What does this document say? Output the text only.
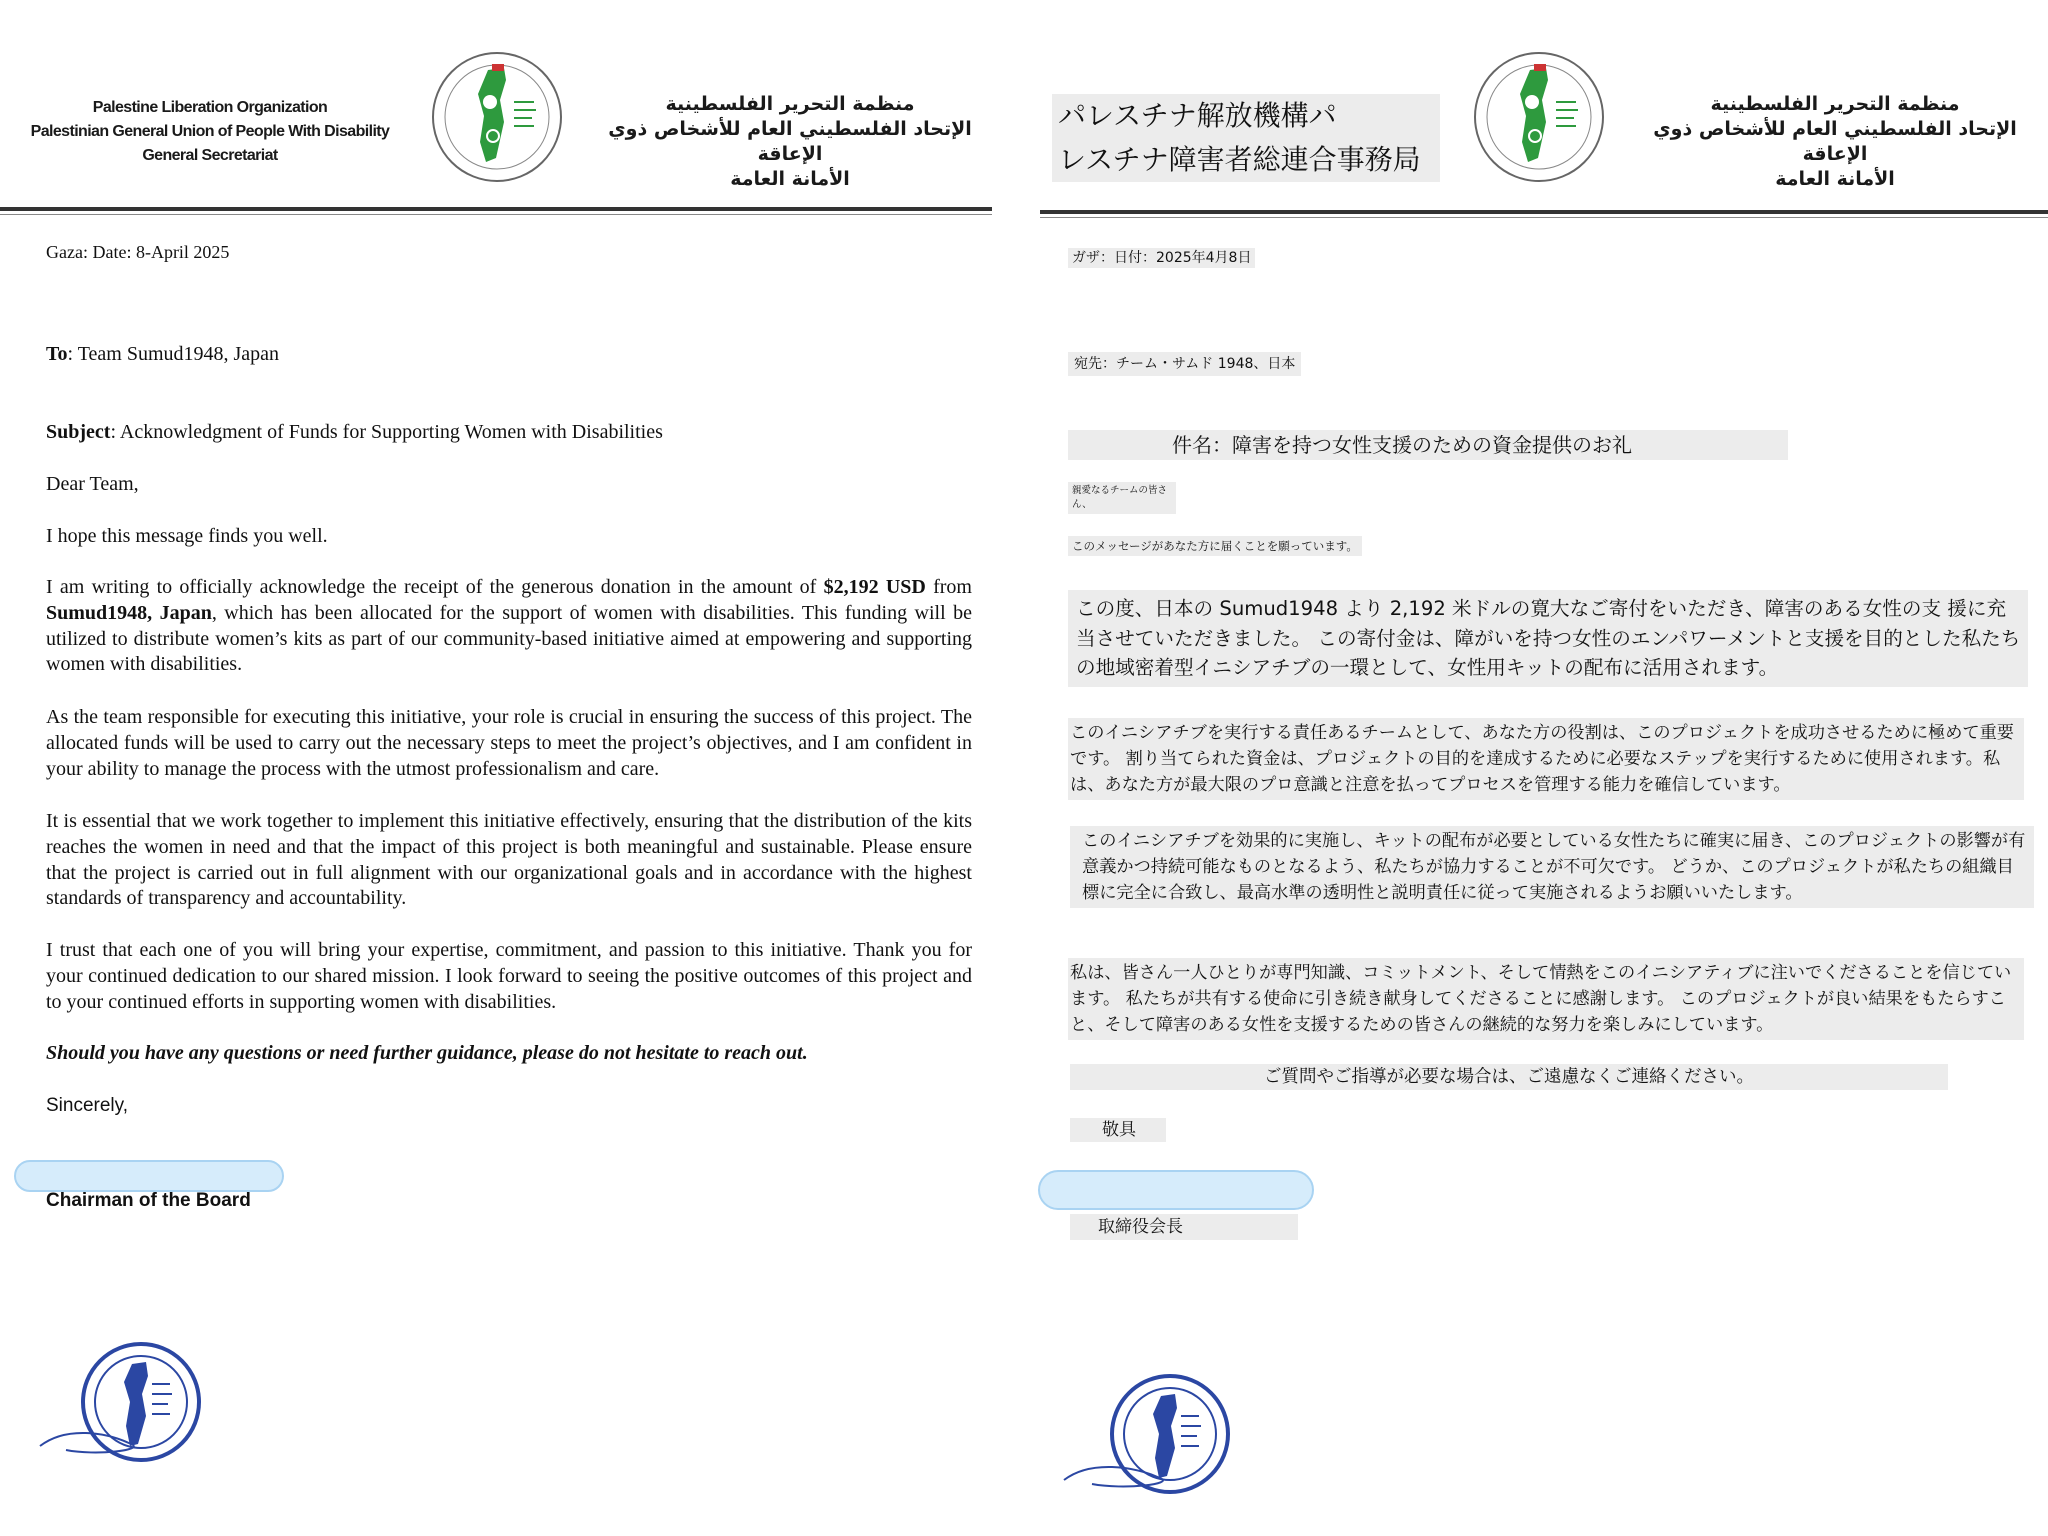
Palestine Liberation Organization
Palestinian General Union of People With Disability
General Secretariat
منظمة التحرير الفلسطينية
الإتحاد الفلسطيني العام للأشخاص ذوي الإعاقة
الأمانة العامة
Gaza: Date: 8-April 2025
To: Team Sumud1948, Japan
Subject: Acknowledgment of Funds for Supporting Women with Disabilities
Dear Team,
I hope this message finds you well.
I am writing to officially acknowledge the receipt of the generous donation in the amount of $2,192 USD from Sumud1948, Japan, which has been allocated for the support of women with disabilities. This funding will be utilized to distribute women’s kits as part of our community-based initiative aimed at empowering and supporting women with disabilities.
As the team responsible for executing this initiative, your role is crucial in ensuring the success of this project. The allocated funds will be used to carry out the necessary steps to meet the project’s objectives, and I am confident in your ability to manage the process with the utmost professionalism and care.
It is essential that we work together to implement this initiative effectively, ensuring that the distribution of the kits reaches the women in need and that the impact of this project is both meaningful and sustainable. Please ensure that the project is carried out in full alignment with our organizational goals and in accordance with the highest standards of transparency and accountability.
I trust that each one of you will bring your expertise, commitment, and passion to this initiative. Thank you for your continued dedication to our shared mission. I look forward to seeing the positive outcomes of this project and to your continued efforts in supporting women with disabilities.
Should you have any questions or need further guidance, please do not hesitate to reach out.
Sincerely,
Chairman of the Board
パレスチナ解放機構パ
レスチナ障害者総連合事務局
منظمة التحرير الفلسطينية
الإتحاد الفلسطيني العام للأشخاص ذوي الإعاقة
الأمانة العامة
ガザ：日付：2025年4月8日
宛先：チーム・サムド 1948、日本
件名：障害を持つ女性支援のための資金提供のお礼
親愛なるチームの皆さん、
このメッセージがあなた方に届くことを願っています。
この度、日本の Sumud1948 より 2,192 米ドルの寛大なご寄付をいただき、障害のある女性の支 援に充当させていただきました。 この寄付金は、障がいを持つ女性のエンパワーメントと支援を目的とした私たちの地域密着型イニシアチブの一環として、女性用キットの配布に活用されます。
このイニシアチブを実行する責任あるチームとして、あなた方の役割は、このプロジェクトを成功させるために極めて重要です。 割り当てられた資金は、プロジェクトの目的を達成するために必要なステップを実行するために使用されます。私は、あなた方が最大限のプロ意識と注意を払ってプロセスを管理する能力を確信しています。
このイニシアチブを効果的に実施し、キットの配布が必要としている女性たちに確実に届き、このプロジェクトの影響が有意義かつ持続可能なものとなるよう、私たちが協力することが不可欠です。 どうか、このプロジェクトが私たちの組織目標に完全に合致し、最高水準の透明性と説明責任に従って実施されるようお願いいたします。
私は、皆さん一人ひとりが専門知識、コミットメント、そして情熱をこのイニシアティブに注いでくださることを信じています。 私たちが共有する使命に引き続き献身してくださることに感謝します。 このプロジェクトが良い結果をもたらすこと、そして障害のある女性を支援するための皆さんの継続的な努力を楽しみにしています。
ご質問やご指導が必要な場合は、ご遠慮なくご連絡ください。
敬具
取締役会長
